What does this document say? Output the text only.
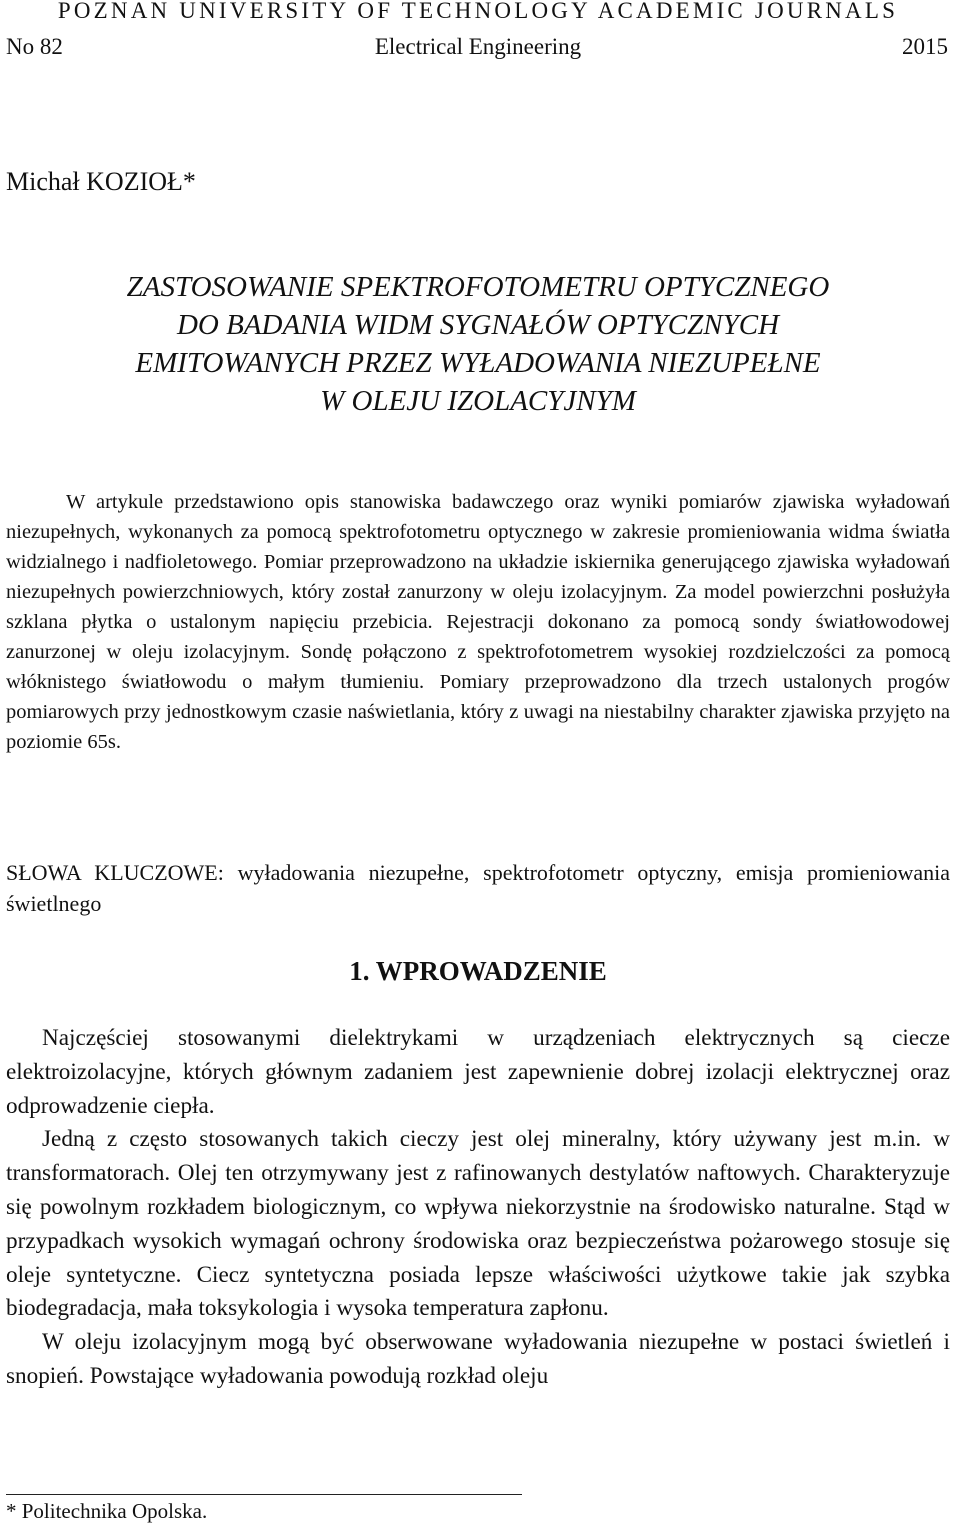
POZNAN UNIVERSITY OF TECHNOLOGY ACADEMIC JOURNALS
Electrical Engineering
No 82	2015
Michał KOZIOŁ*
ZASTOSOWANIE SPEKTROFOTOMETRU OPTYCZNEGO
DO BADANIA WIDM SYGNAŁÓW OPTYCZNYCH
EMITOWANYCH PRZEZ WYŁADOWANIA NIEZUPEŁNE
W OLEJU IZOLACYJNYM
W artykule przedstawiono opis stanowiska badawczego oraz wyniki pomiarów zjawiska wyładowań niezupełnych, wykonanych za pomocą spektrofotometru optycznego w zakresie promieniowania widma światła widzialnego i nadfioletowego. Pomiar przeprowadzono na układzie iskiernika generującego zjawiska wyładowań niezupełnych powierzchniowych, który został zanurzony w oleju izolacyjnym. Za model powierzchni posłużyła szklana płytka o ustalonym napięciu przebicia. Rejestracji dokonano za pomocą sondy światłowodowej zanurzonej w oleju izolacyjnym. Sondę połączono z spektrofotometrem wysokiej rozdzielczości za pomocą włóknistego światłowodu o małym tłumieniu. Pomiary przeprowadzono dla trzech ustalonych progów pomiarowych przy jednostkowym czasie naświetlania, który z uwagi na niestabilny charakter zjawiska przyjęto na poziomie 65s.
SŁOWA KLUCZOWE: wyładowania niezupełne, spektrofotometr optyczny, emisja promieniowania świetlnego
1. WPROWADZENIE

Najczęściej stosowanymi dielektrykami w urządzeniach elektrycznych są ciecze elektroizolacyjne, których głównym zadaniem jest zapewnienie dobrej izolacji elektrycznej oraz odprowadzenie ciepła.

Jedną z często stosowanych takich cieczy jest olej mineralny, który używany jest m.in. w transformatorach. Olej ten otrzymywany jest z rafinowanych destylatów naftowych. Charakteryzuje się powolnym rozkładem biologicznym, co wpływa niekorzystnie na środowisko naturalne. Stąd w przypadkach wysokich wymagań ochrony środowiska oraz bezpieczeństwa pożarowego stosuje się oleje syntetyczne. Ciecz syntetyczna posiada lepsze właściwości użytkowe takie jak szybka biodegradacja, mała toksykologia i wysoka temperatura zapłonu.

W oleju izolacyjnym mogą być obserwowane wyładowania niezupełne w postaci świetleń i snopień. Powstające wyładowania powodują rozkład oleju

* Politechnika Opolska.
